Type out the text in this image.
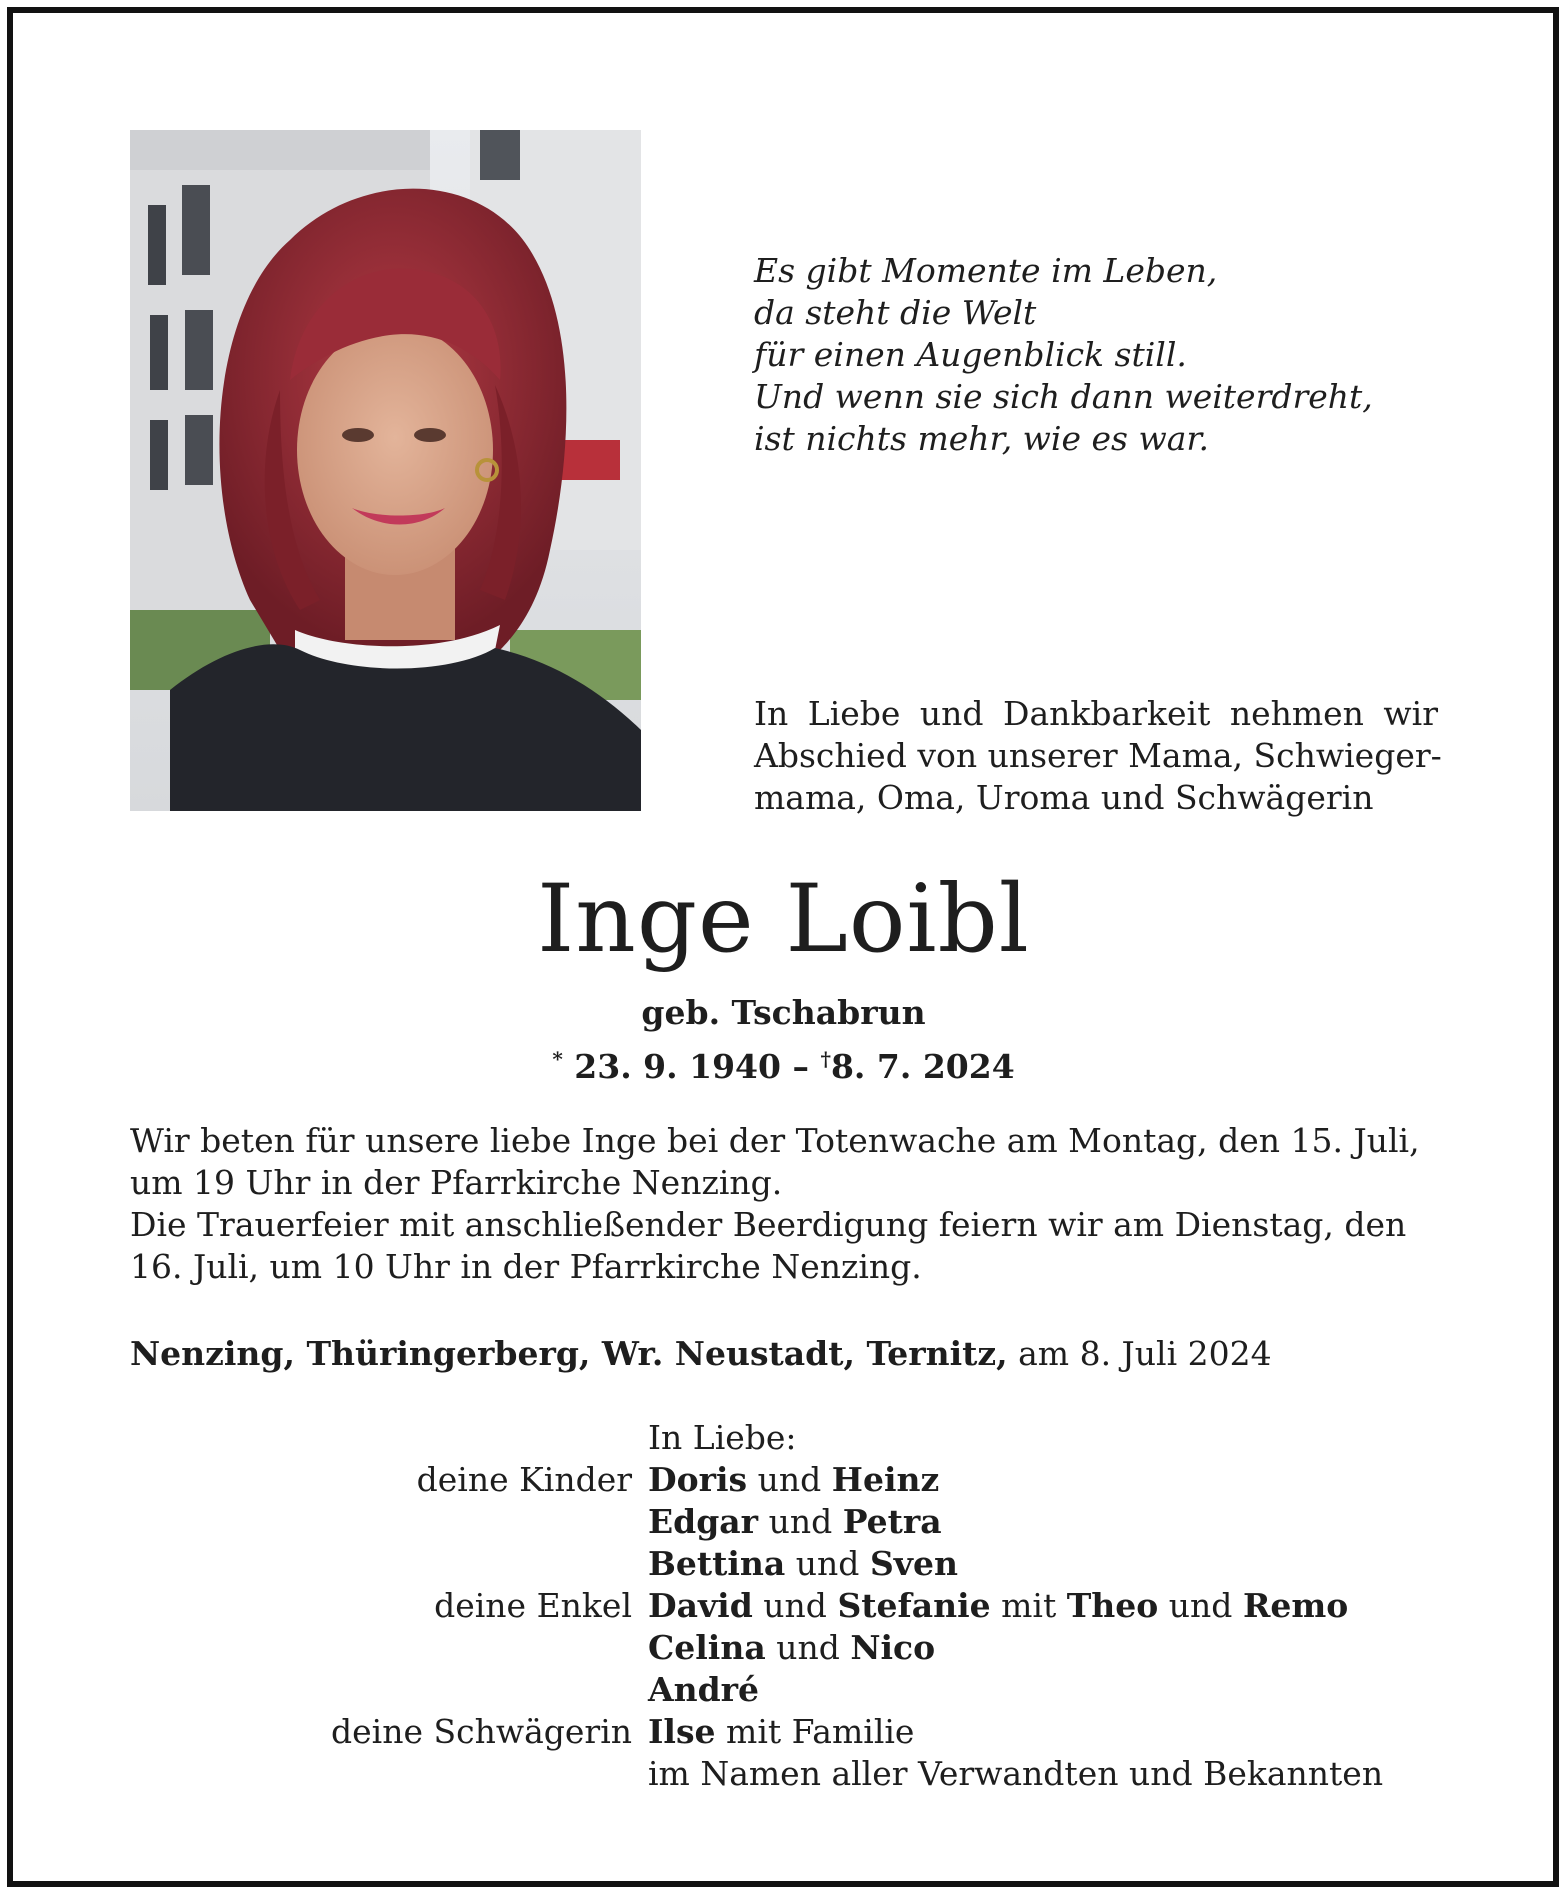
Es gibt Momente im Leben,
da steht die Welt
für einen Augenblick still.
Und wenn sie sich dann weiterdreht,
ist nichts mehr, wie es war.
In Liebe und Dankbarkeit nehmen wir
Abschied von unserer Mama, Schwieger-
mama, Oma, Uroma und Schwägerin
Inge Loibl
geb. Tschabrun
* 23. 9. 1940 – †8. 7. 2024
Wir beten für unsere liebe Inge bei der Totenwache am Montag, den 15. Juli,
um 19 Uhr in der Pfarrkirche Nenzing.
Die Trauerfeier mit anschließender Beerdigung feiern wir am Dienstag, den
16. Juli, um 10 Uhr in der Pfarrkirche Nenzing.
Nenzing, Thüringerberg, Wr. Neustadt, Ternitz, am 8. Juli 2024
In Liebe:
deine Kinder Doris und Heinz
Edgar und Petra
Bettina und Sven
deine Enkel David und Stefanie mit Theo und Remo
Celina und Nico
André
deine Schwägerin Ilse mit Familie
im Namen aller Verwandten und Bekannten
